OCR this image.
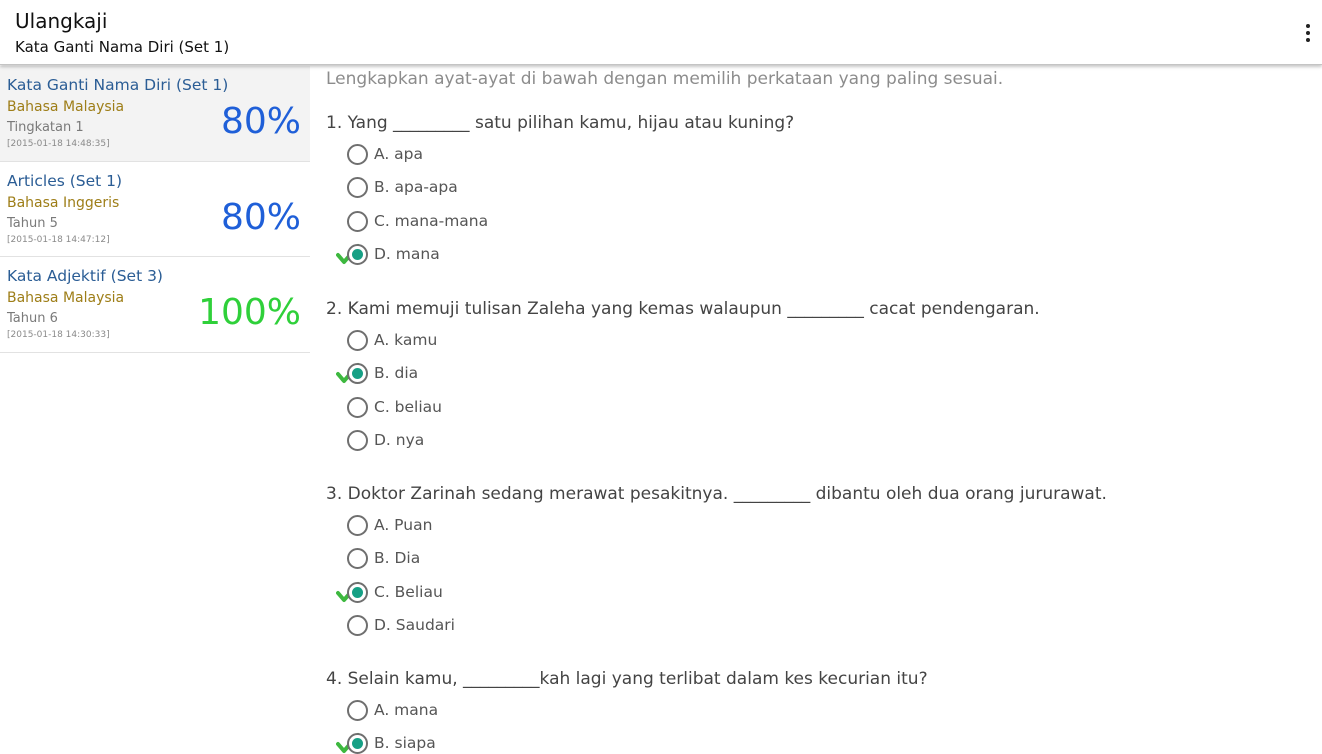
Ulangkaji
Kata Ganti Nama Diri (Set 1)
Kata Ganti Nama Diri (Set 1)
Bahasa Malaysia
Tingkatan 1
[2015-01-18 14:48:35]
80%
Articles (Set 1)
Bahasa Inggeris
Tahun 5
[2015-01-18 14:47:12]
80%
Kata Adjektif (Set 3)
Bahasa Malaysia
Tahun 6
[2015-01-18 14:30:33]
100%
Lengkapkan ayat-ayat di bawah dengan memilih perkataan yang paling sesuai.
1. Yang _________ satu pilihan kamu, hijau atau kuning?
A. apa
B. apa-apa
C. mana-mana
D. mana
2. Kami memuji tulisan Zaleha yang kemas walaupun _________ cacat pendengaran.
A. kamu
B. dia
C. beliau
D. nya
3. Doktor Zarinah sedang merawat pesakitnya. _________ dibantu oleh dua orang jururawat.
A. Puan
B. Dia
C. Beliau
D. Saudari
4. Selain kamu, _________kah lagi yang terlibat dalam kes kecurian itu?
A. mana
B. siapa
